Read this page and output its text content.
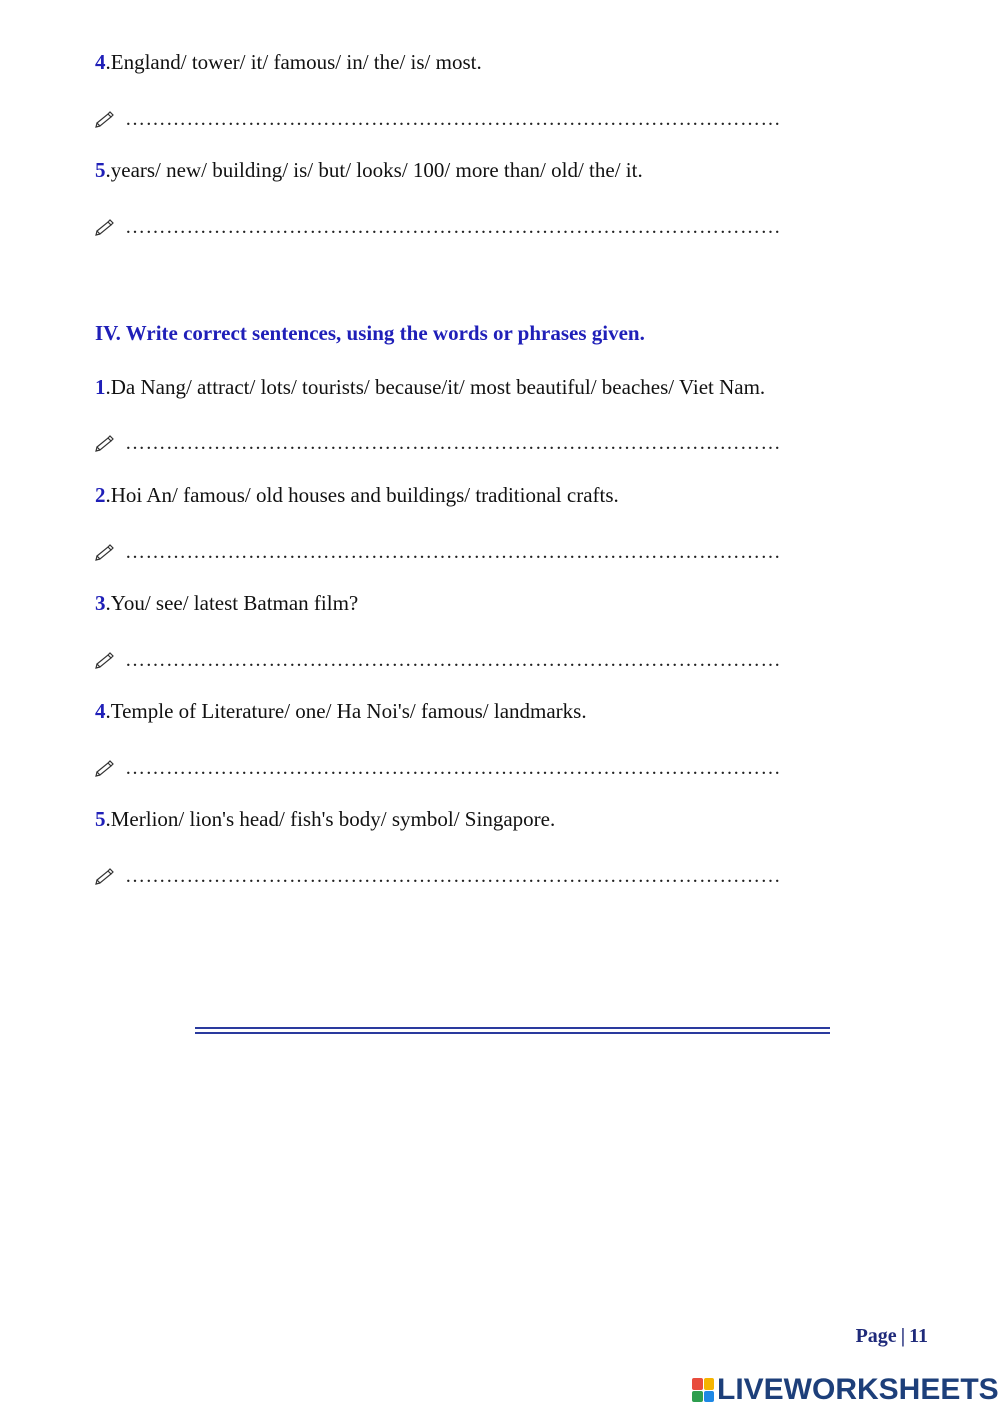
4.England/ tower/ it/ famous/ in/ the/ is/ most.
……………………………………………………………………………………
5.years/ new/ building/ is/ but/ looks/ 100/ more than/ old/ the/ it.
……………………………………………………………………………………
IV. Write correct sentences, using the words or phrases given.
1.Da Nang/ attract/ lots/ tourists/ because/it/ most beautiful/ beaches/ Viet Nam.
……………………………………………………………………………………
2.Hoi An/ famous/ old houses and buildings/ traditional crafts.
……………………………………………………………………………………
3.You/ see/ latest Batman film?
……………………………………………………………………………………
4.Temple of Literature/ one/ Ha Noi's/ famous/ landmarks.
……………………………………………………………………………………
5.Merlion/ lion's head/ fish's body/ symbol/ Singapore.
……………………………………………………………………………………
Page | 11
LIVEWORKSHEETS
